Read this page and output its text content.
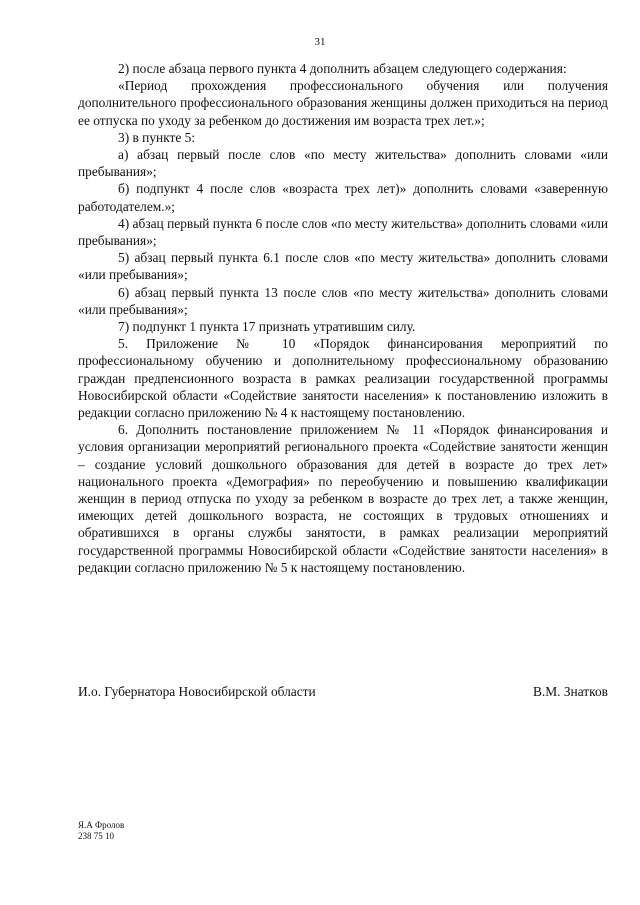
31

2) после абзаца первого пункта 4 дополнить абзацем следующего содержания:

«Период прохождения профессионального обучения или получения дополнительного профессионального образования женщины должен приходиться на период ее отпуска по уходу за ребенком до достижения им возраста трех лет.»;

3) в пункте 5:

а) абзац первый после слов «по месту жительства» дополнить словами «или пребывания»;

б) подпункт 4 после слов «возраста трех лет)» дополнить словами «заверенную работодателем.»;

4) абзац первый пункта 6 после слов «по месту жительства» дополнить словами «или пребывания»;

5) абзац первый пункта 6.1 после слов «по месту жительства» дополнить словами «или пребывания»;

6) абзац первый пункта 13 после слов «по месту жительства» дополнить словами «или пребывания»;

7) подпункт 1 пункта 17 признать утратившим силу.

5. Приложение № 10 «Порядок финансирования мероприятий по профессиональному обучению и дополнительному профессиональному образованию граждан предпенсионного возраста в рамках реализации государственной программы Новосибирской области «Содействие занятости населения» к постановлению изложить в редакции согласно приложению № 4 к настоящему постановлению.

6. Дополнить постановление приложением № 11 «Порядок финансирования и условия организации мероприятий регионального проекта «Содействие занятости женщин – создание условий дошкольного образования для детей в возрасте до трех лет» национального проекта «Демография» по переобучению и повышению квалификации женщин в период отпуска по уходу за ребенком в возрасте до трех лет, а также женщин, имеющих детей дошкольного возраста, не состоящих в трудовых отношениях и обратившихся в органы службы занятости, в рамках реализации мероприятий государственной программы Новосибирской области «Содействие занятости населения» в редакции согласно приложению № 5 к настоящему постановлению.

И.о. Губернатора Новосибирской области	В.М. Знатков
Я.А Фролов
238 75 10
